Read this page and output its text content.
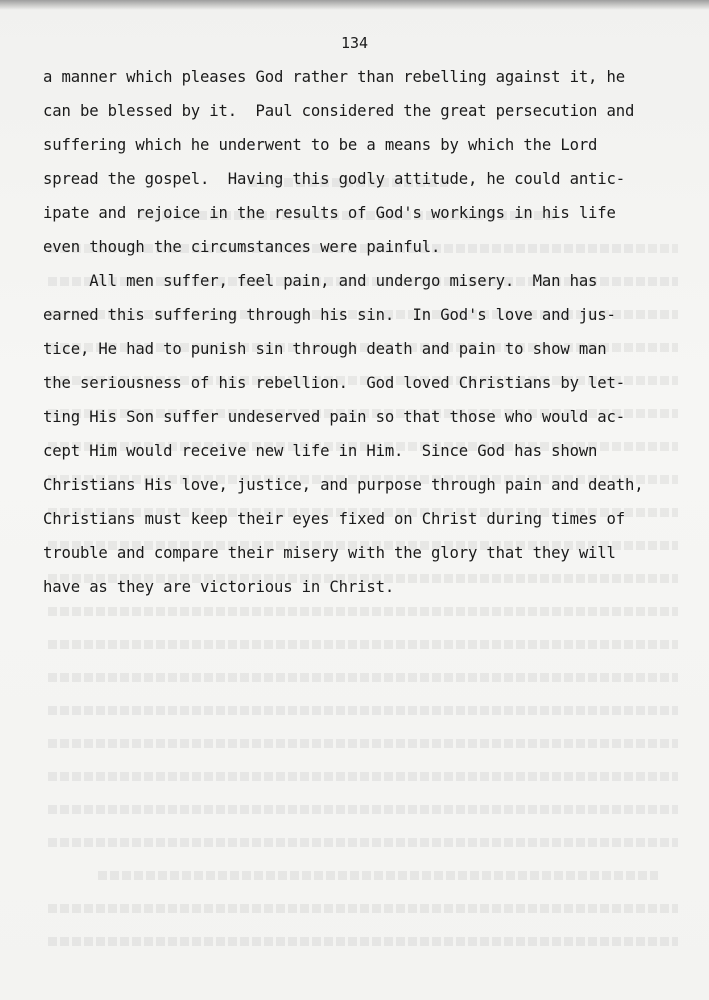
134
a manner which pleases God rather than rebelling against it, he
can be blessed by it.  Paul considered the great persecution and
suffering which he underwent to be a means by which the Lord
spread the gospel.  Having this godly attitude, he could antic-
ipate and rejoice in the results of God's workings in his life
even though the circumstances were painful.
All men suffer, feel pain, and undergo misery.  Man has
earned this suffering through his sin.  In God's love and jus-
tice, He had to punish sin through death and pain to show man
the seriousness of his rebellion.  God loved Christians by let-
ting His Son suffer undeserved pain so that those who would ac-
cept Him would receive new life in Him.  Since God has shown
Christians His love, justice, and purpose through pain and death,
Christians must keep their eyes fixed on Christ during times of
trouble and compare their misery with the glory that they will
have as they are victorious in Christ.
